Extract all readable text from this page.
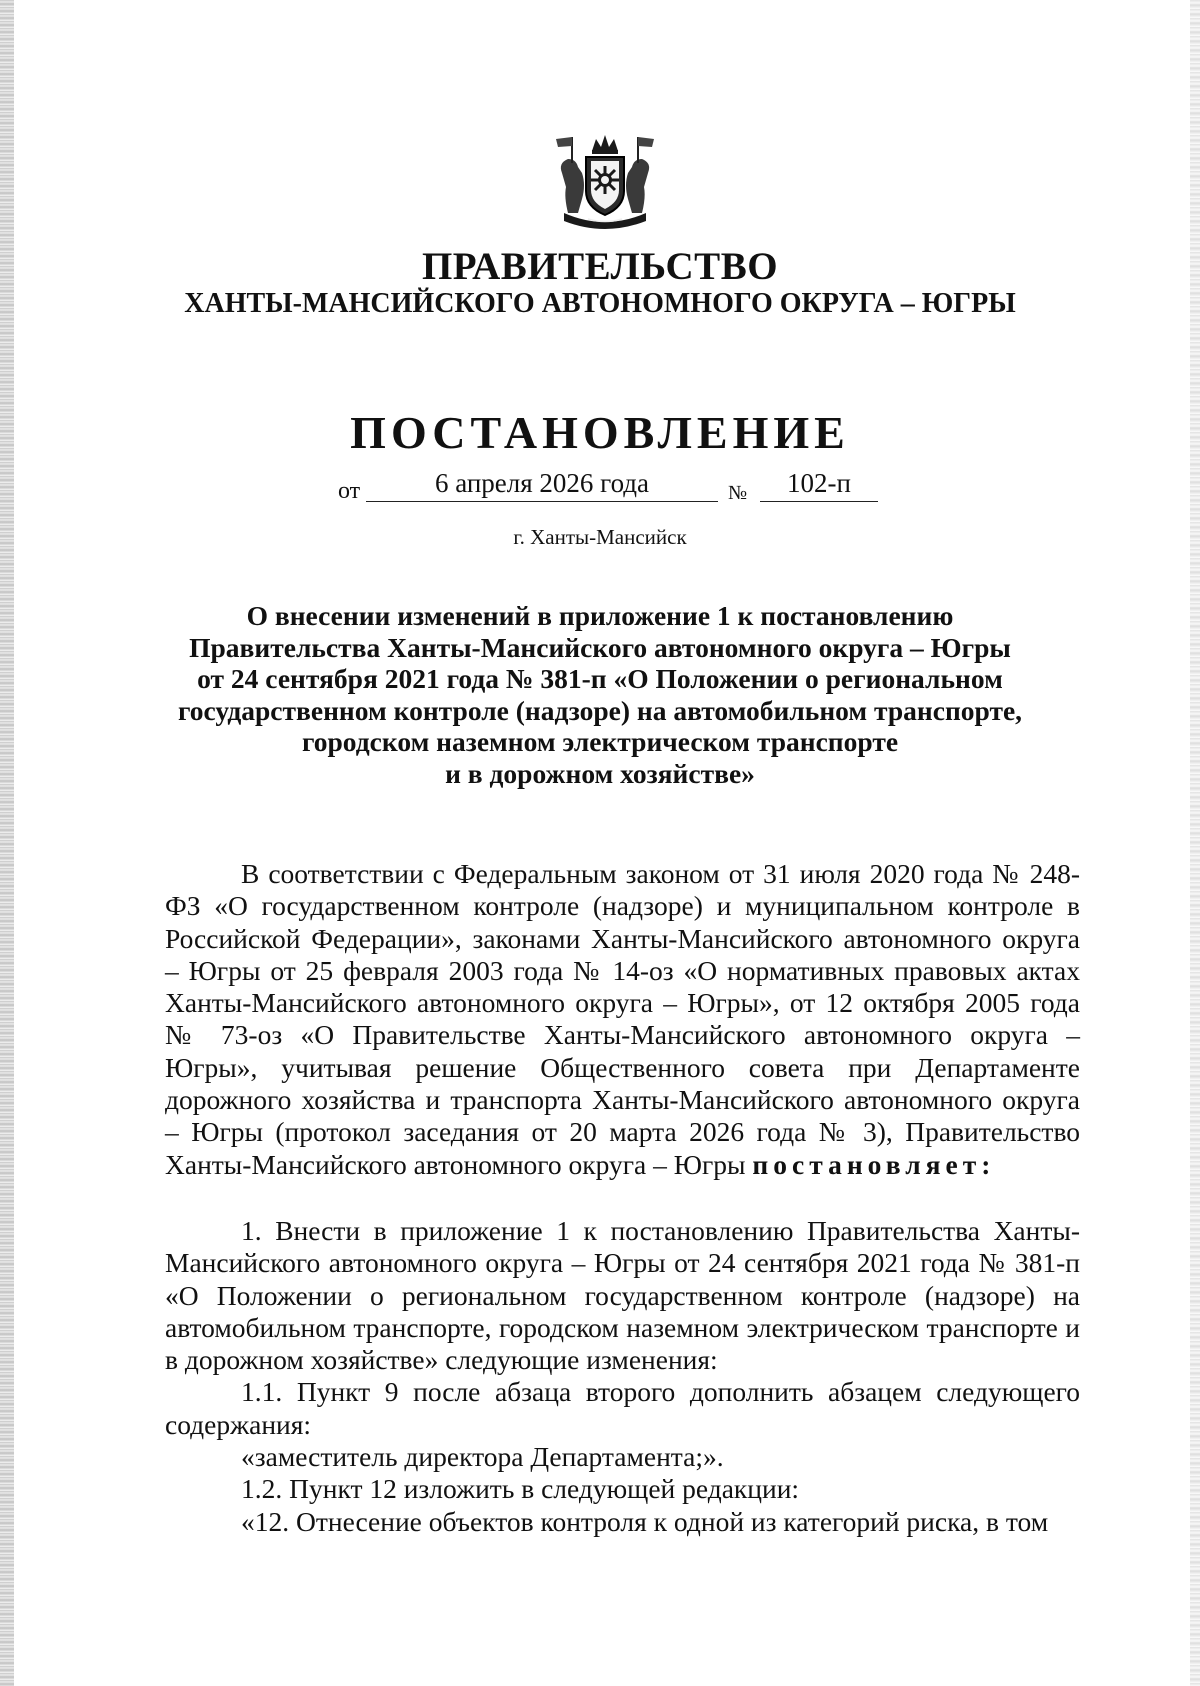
ПРАВИТЕЛЬСТВО
ХАНТЫ-МАНСИЙСКОГО АВТОНОМНОГО ОКРУГА – ЮГРЫ
ПОСТАНОВЛЕНИЕ
от	6 апреля 2026 года	№	102-п
г. Ханты-Мансийск
О внесении изменений в приложение 1 к постановлению
Правительства Ханты-Мансийского автономного округа – Югры
от 24 сентября 2021 года № 381-п «О Положении о региональном
государственном контроле (надзоре) на автомобильном транспорте,
городском наземном электрическом транспорте
и в дорожном хозяйстве»

В соответствии с Федеральным законом от 31 июля 2020 года № 248-ФЗ «О государственном контроле (надзоре) и муниципальном контроле в Российской Федерации», законами Ханты-Мансийского автономного округа – Югры от 25 февраля 2003 года № 14-оз «О нормативных правовых актах Ханты-Мансийского автономного округа – Югры», от 12 октября 2005 года № 73-оз «О Правительстве Ханты-Мансийского автономного округа – Югры», учитывая решение Общественного совета при Департаменте дорожного хозяйства и транспорта Ханты-Мансийского автономного округа – Югры (протокол заседания от 20 марта 2026 года № 3), Правительство Ханты-Мансийского автономного округа – Югры постановляет:

1. Внести в приложение 1 к постановлению Правительства Ханты-Мансийского автономного округа – Югры от 24 сентября 2021 года № 381-п «О Положении о региональном государственном контроле (надзоре) на автомобильном транспорте, городском наземном электрическом транспорте и в дорожном хозяйстве» следующие изменения:

1.1. Пункт 9 после абзаца второго дополнить абзацем следующего содержания:

«заместитель директора Департамента;».

1.2. Пункт 12 изложить в следующей редакции:

«12. Отнесение объектов контроля к одной из категорий риска, в том
